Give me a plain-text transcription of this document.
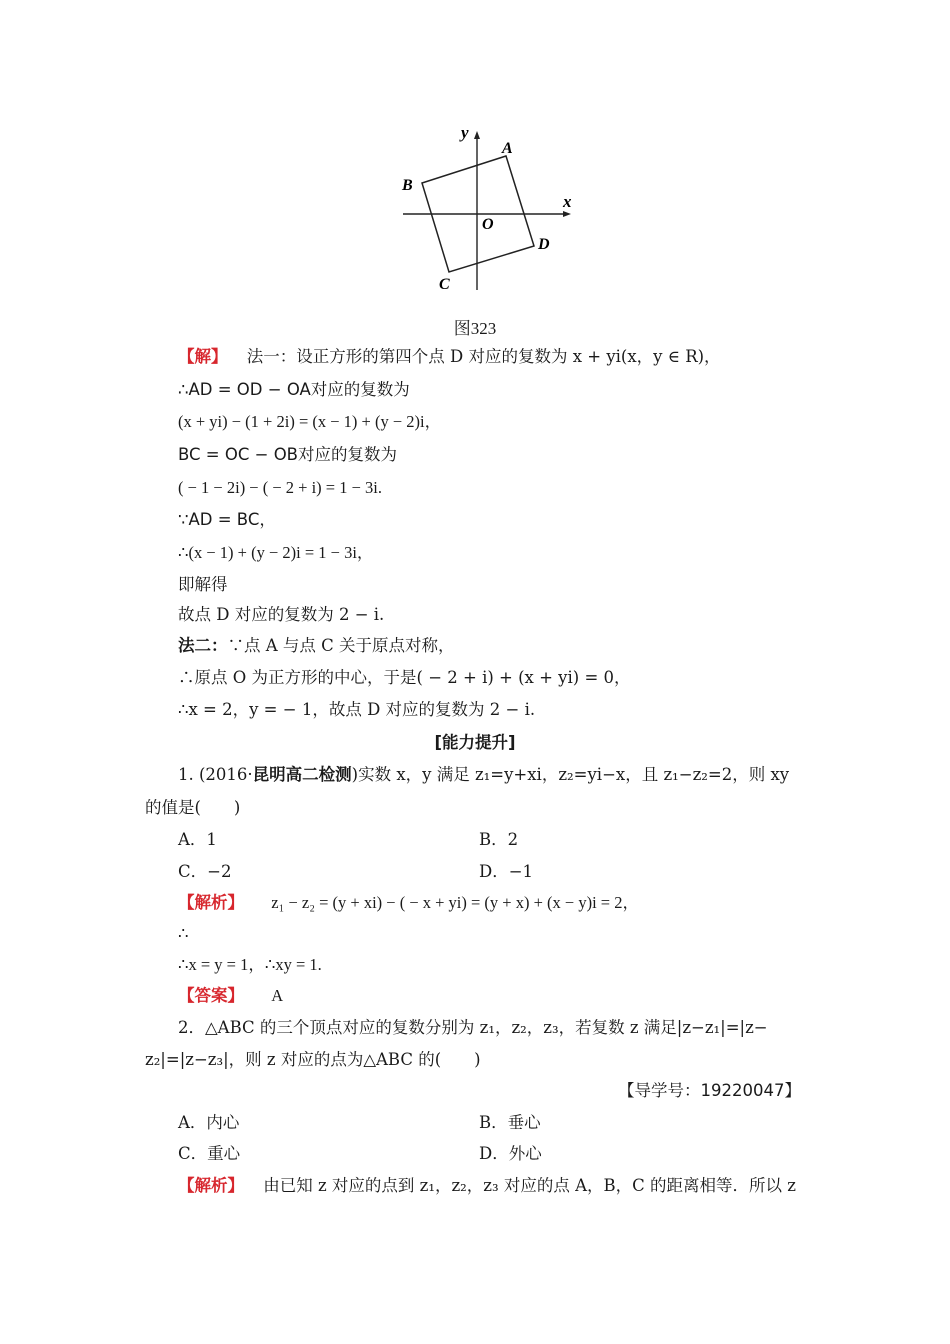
y
x
A
B
C
D
O
图323
【解】 法一：设正方形的第四个点 D 对应的复数为 x + yi(x，y ∈ R)，
∴AD = OD − OA对应的复数为
(x + yi) − (1 + 2i) = (x − 1) + (y − 2)i，
BC = OC − OB对应的复数为
( − 1 − 2i) − ( − 2 + i) = 1 − 3i.
∵AD = BC，
∴(x − 1) + (y − 2)i = 1 − 3i，
即解得
故点 D 对应的复数为 2 − i.
法二：∵点 A 与点 C 关于原点对称，
∴原点 O 为正方形的中心，于是( − 2 + i) + (x + yi) = 0，
∴x = 2，y = − 1，故点 D 对应的复数为 2 − i.
[能力提升]
1. (2016·昆明高二检测)实数 x，y 满足 z₁=y+xi，z₂=yi−x，且 z₁−z₂=2，则 xy
的值是(　　)
A．1	B．2
C．−2	D．−1
【解析】 z₁ − z₂ = (y + xi) − ( − x + yi) = (y + x) + (x − y)i = 2，
∴
∴x = y = 1，∴xy = 1.
【答案】 A
2．△ABC 的三个顶点对应的复数分别为 z₁，z₂，z₃，若复数 z 满足|z−z₁|=|z−
z₂|=|z−z₃|，则 z 对应的点为△ABC 的(　　)
【导学号：19220047】
A．内心	B．垂心
C．重心	D．外心
【解析】 由已知 z 对应的点到 z₁，z₂，z₃ 对应的点 A，B，C 的距离相等．所以 z
